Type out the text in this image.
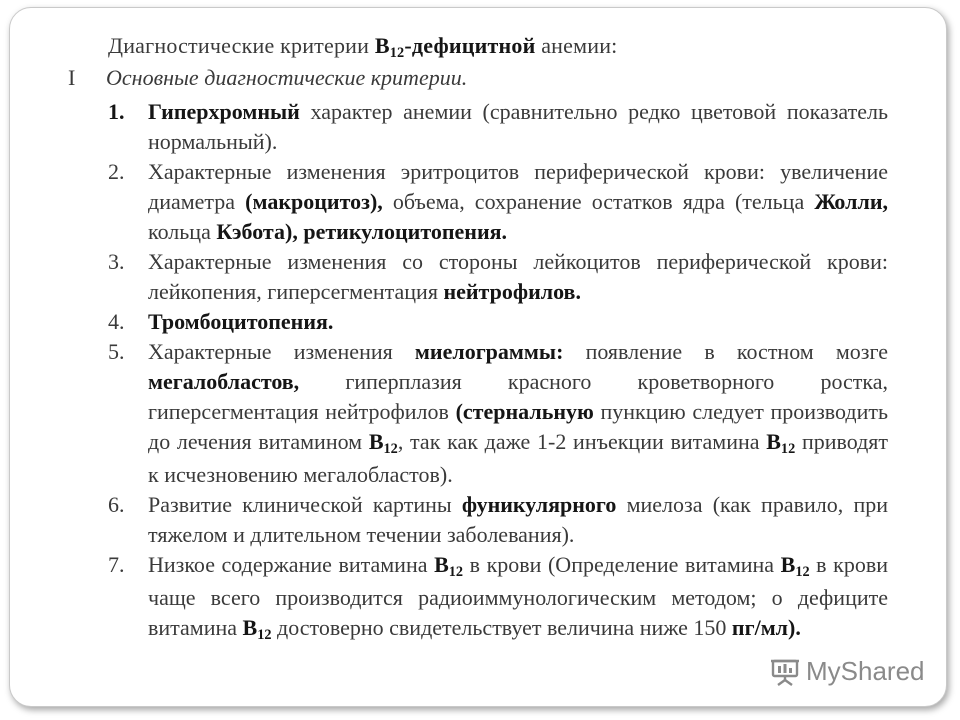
Диагностические критерии B12-дефицитной анемии:
I Основные диагностические критерии.
1.	Гиперхромный характер анемии (сравнительно редко цветовой показатель нормальный).
2.	Характерные изменения эритроцитов периферической крови: увеличение диаметра (макроцитоз), объема, сохранение остатков ядра (тельца Жолли, кольца Кэбота), ретикулоцитопения.
3.	Характерные изменения со стороны лейкоцитов периферической крови: лейкопения, гиперсегментация нейтрофилов.
4.	Тромбоцитопения.
5.	Характерные изменения миелограммы: появление в костном мозге мегалобластов, гиперплазия красного кроветворного ростка, гиперсегментация нейтрофилов (стернальную пункцию следует производить до лечения витамином B12, так как даже 1-2 инъекции витамина B12 приводят к исчезновению мегалобластов).
6.	Развитие клинической картины фуникулярного миелоза (как правило, при тяжелом и длительном течении заболевания).
7.	Низкое содержание витамина B12 в крови (Определение витамина B12 в крови чаще всего производится радиоиммунологическим методом; о дефиците витамина B12 достоверно свидетельствует величина ниже 150 пг/мл).
MyShared
